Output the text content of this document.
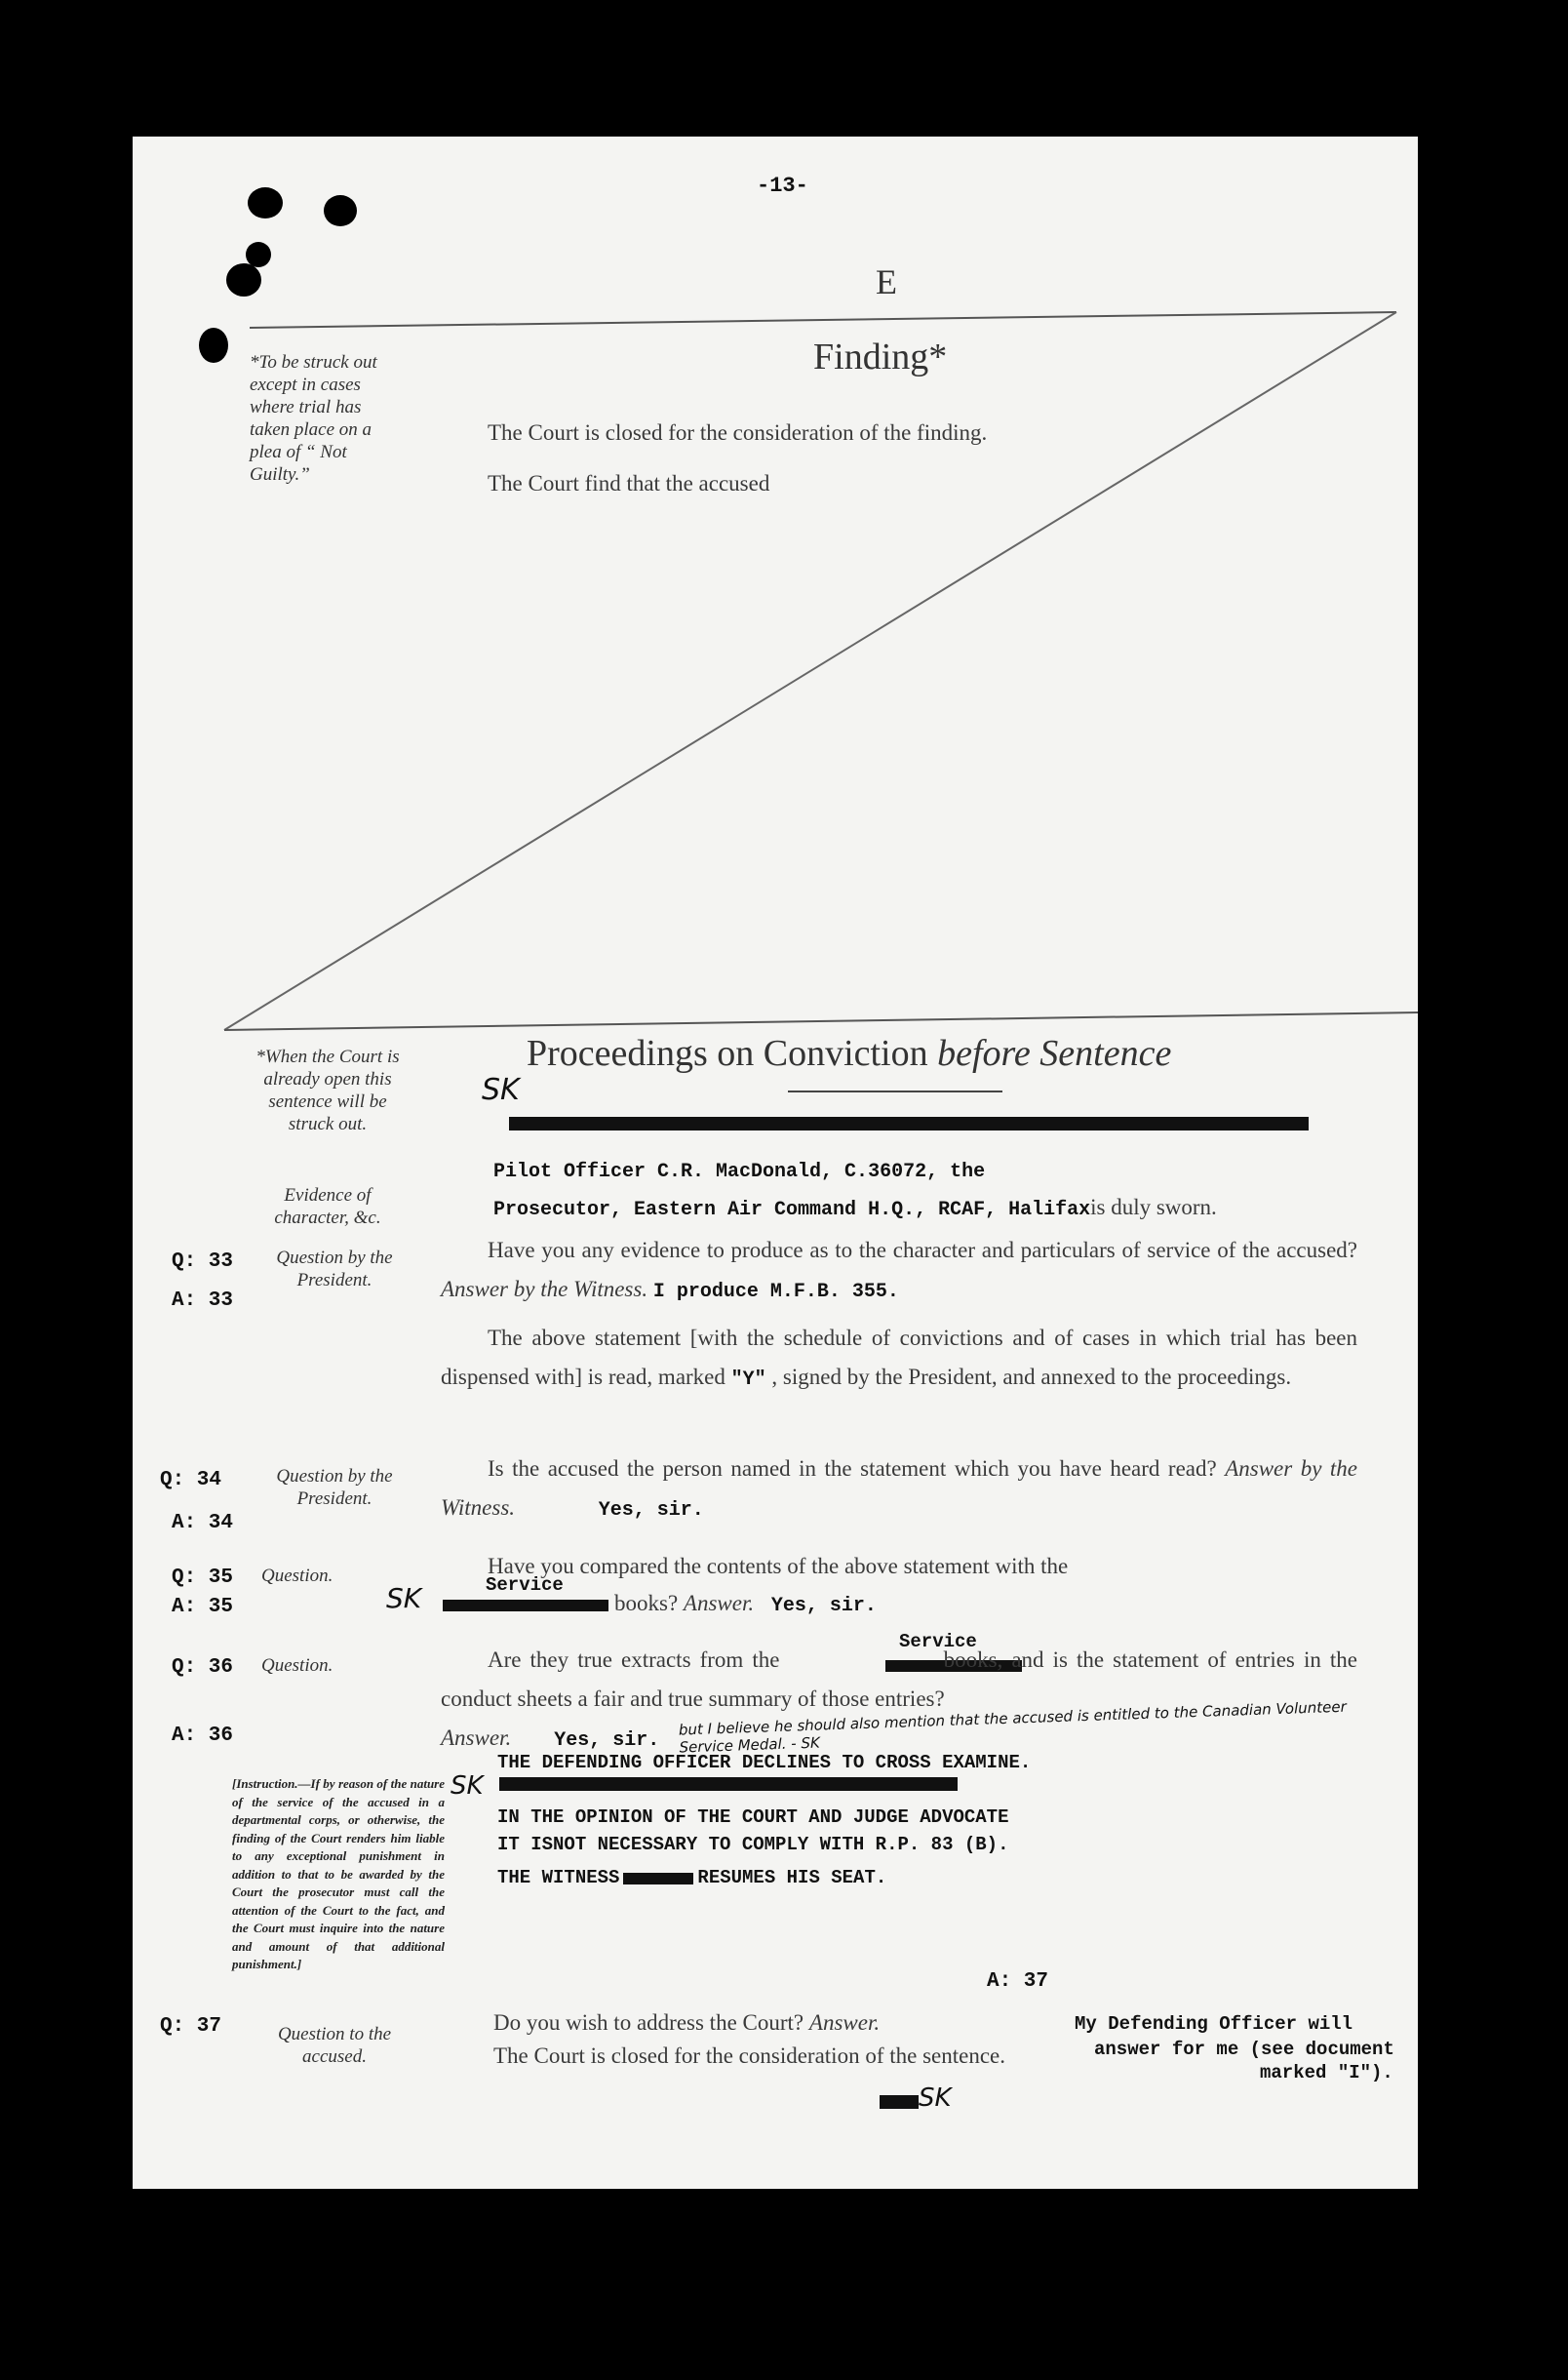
-13-
E
*To be struck out except in cases where trial has taken place on a plea of “ Not Guilty.”
Finding*
The Court is closed for the consideration of the finding.
The Court find that the accused
Proceedings on Conviction before Sentence
*When the Court is already open this sentence will be struck out.
Evidence of character, &c.
SK
Pilot Officer C.R. MacDonald, C.36072, the
Prosecutor, Eastern Air Command H.Q., RCAF, Halifaxis duly sworn.
Q: 33
A: 33
Question by the President.
Have you any evidence to produce as to the character and particulars of service of the accused? Answer by the Witness. I produce M.F.B. 355.
The above statement [with the schedule of convictions and of cases in which trial has been dispensed with] is read, marked "Y" , signed by the President, and annexed to the proceedings.
Q: 34
A: 34
Question by the President.
Is the accused the person named in the statement which you have heard read? Answer by the Witness.	Yes, sir.
Q: 35
A: 35
Question.	Have you compared the contents of the above statement with the
Service
SK	books? Answer. Yes, sir.
Q: 36
A: 36
Question.
Service
Are they true extracts from the	books, and is the statement of entries in the conduct sheets a fair and true summary of those entries?
Answer. Yes, sir.
but I believe he should also mention that the accused is entitled to the Canadian Volunteer Service Medal. - SK
[Instruction.—If by reason of the nature of the service of the accused in a departmental corps, or otherwise, the finding of the Court renders him liable to any exceptional punishment in addition to that to be awarded by the Court the prosecutor must call the attention of the Court to the fact, and the Court must inquire into the nature and amount of that additional punishment.]
THE DEFENDING OFFICER DECLINES TO CROSS EXAMINE.
SK
IN THE OPINION OF THE COURT AND JUDGE ADVOCATE
IT ISNOT NECESSARY TO COMPLY WITH R.P. 83 (B).
THE WITNESS	RESUMES HIS SEAT.
A: 37
Q: 37	Question to the accused.
Do you wish to address the Court? Answer.	My Defending Officer will
answer for me (see document
marked "I").
The Court is closed for the consideration of the sentence.
SK
